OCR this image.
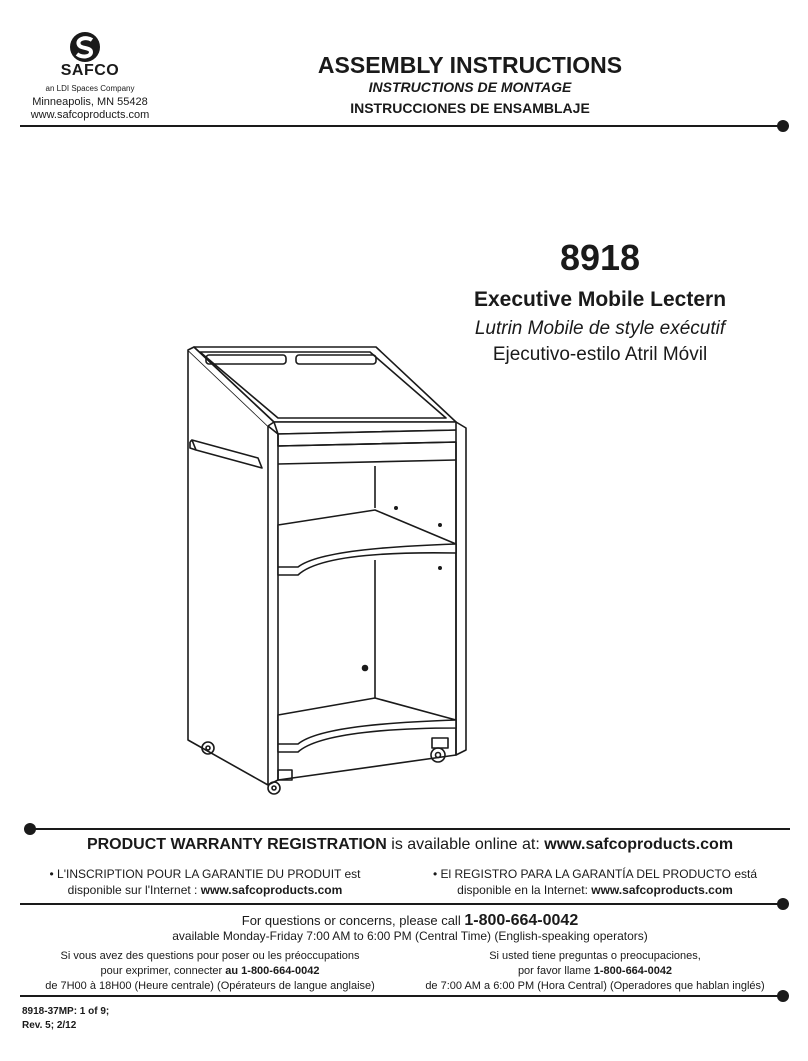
SAFCO
an LDI Spaces Company
Minneapolis, MN 55428
www.safcoproducts.com
ASSEMBLY INSTRUCTIONS
INSTRUCTIONS DE MONTAGE
INSTRUCCIONES DE ENSAMBLAJE
8918
Executive Mobile Lectern
Lutrin Mobile de style exécutif
Ejecutivo-estilo Atril Móvil
PRODUCT WARRANTY REGISTRATION is available online at: www.safcoproducts.com
• L'INSCRIPTION POUR LA GARANTIE DU PRODUIT est
disponible sur l'Internet : www.safcoproducts.com
• El REGISTRO PARA LA GARANTÍA DEL PRODUCTO está
disponible en la Internet: www.safcoproducts.com
For questions or concerns, please call 1-800-664-0042
available Monday-Friday 7:00 AM to 6:00 PM (Central Time) (English-speaking operators)
Si vous avez des questions pour poser ou les préoccupations
pour exprimer, connecter au 1-800-664-0042
de 7H00 à 18H00 (Heure centrale) (Opérateurs de langue anglaise)
Si usted tiene preguntas o preocupaciones,
por favor llame 1-800-664-0042
de 7:00 AM a 6:00 PM (Hora Central) (Operadores que hablan inglés)
8918-37MP: 1 of 9;
Rev. 5; 2/12
